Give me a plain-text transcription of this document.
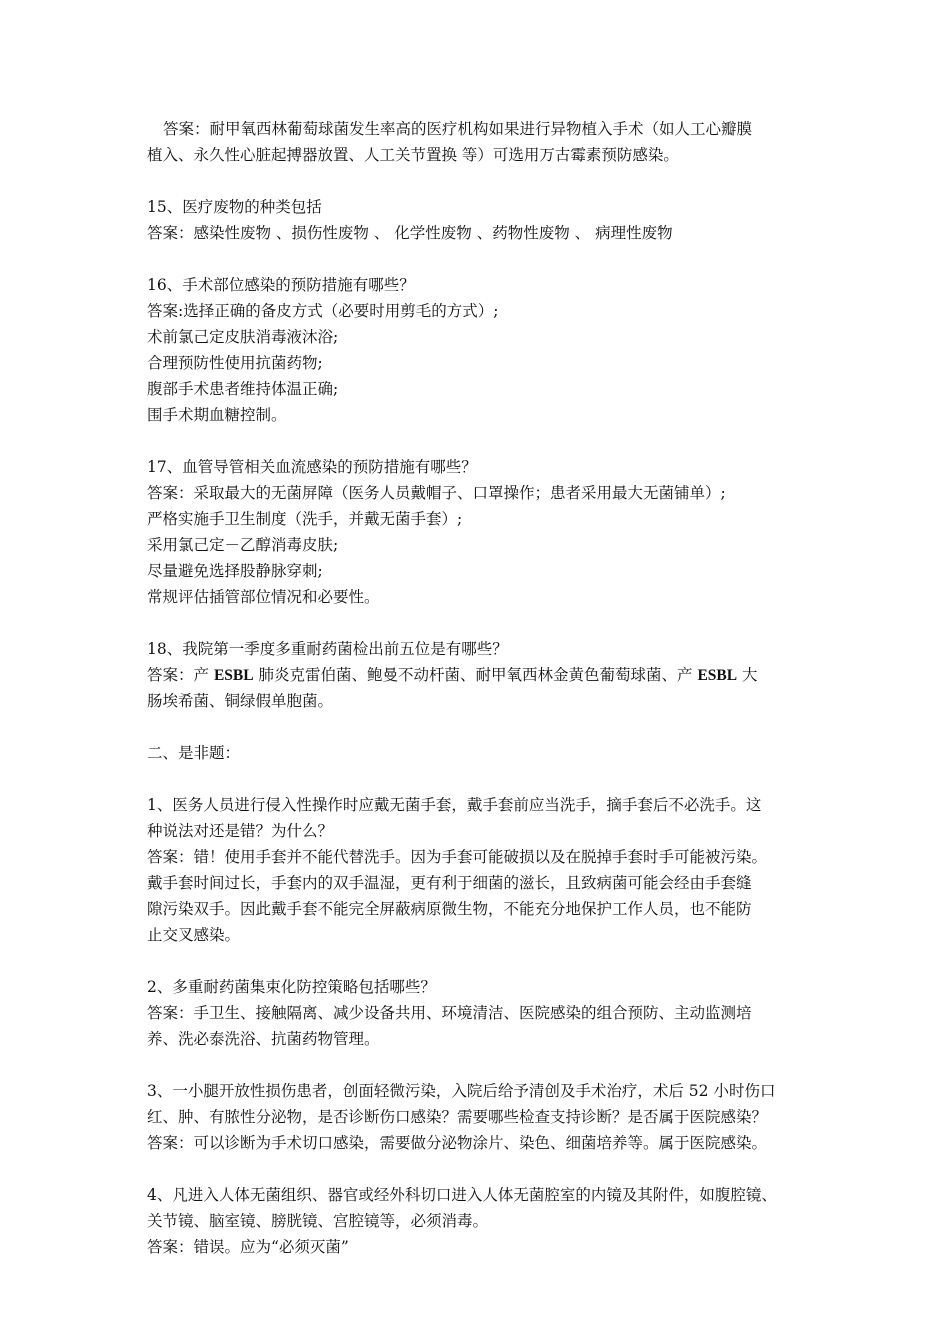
答案：耐甲氧西林葡萄球菌发生率高的医疗机构如果进行异物植入手术（如人工心瓣膜
植入、永久性心脏起搏器放置、人工关节置换 等）可选用万古霉素预防感染。
15、医疗废物的种类包括
答案：感染性废物 、损伤性废物 、 化学性废物 、药物性废物 、 病理性废物
16、手术部位感染的预防措施有哪些？
答案:选择正确的备皮方式（必要时用剪毛的方式）;
术前氯己定皮肤消毒液沐浴;
合理预防性使用抗菌药物;
腹部手术患者维持体温正确;
围手术期血糖控制。
17、血管导管相关血流感染的预防措施有哪些？
答案：采取最大的无菌屏障（医务人员戴帽子、口罩操作；患者采用最大无菌铺单）;
严格实施手卫生制度（洗手，并戴无菌手套）;
采用氯己定－乙醇消毒皮肤;
尽量避免选择股静脉穿刺;
常规评估插管部位情况和必要性。
18、我院第一季度多重耐药菌检出前五位是有哪些？
答案：产 ESBL 肺炎克雷伯菌、鲍曼不动杆菌、耐甲氧西林金黄色葡萄球菌、产 ESBL 大
肠埃希菌、铜绿假单胞菌。
二、是非题：
1、医务人员进行侵入性操作时应戴无菌手套，戴手套前应当洗手，摘手套后不必洗手。这
种说法对还是错？为什么？
答案：错！使用手套并不能代替洗手。因为手套可能破损以及在脱掉手套时手可能被污染。
戴手套时间过长，手套内的双手温湿，更有利于细菌的滋长，且致病菌可能会经由手套缝
隙污染双手。因此戴手套不能完全屏蔽病原微生物，不能充分地保护工作人员，也不能防
止交叉感染。
2、多重耐药菌集束化防控策略包括哪些？
答案：手卫生、接触隔离、减少设备共用、环境清洁、医院感染的组合预防、主动监测培
养、洗必泰洗浴、抗菌药物管理。
3、一小腿开放性损伤患者，创面轻微污染，入院后给予清创及手术治疗，术后 52 小时伤口
红、肿、有脓性分泌物，是否诊断伤口感染？需要哪些检查支持诊断？是否属于医院感染？
答案：可以诊断为手术切口感染，需要做分泌物涂片、染色、细菌培养等。属于医院感染。
4、凡进入人体无菌组织、器官或经外科切口进入人体无菌腔室的内镜及其附件，如腹腔镜、
关节镜、脑室镜、膀胱镜、宫腔镜等，必须消毒。
答案：错误。应为“必须灭菌”
